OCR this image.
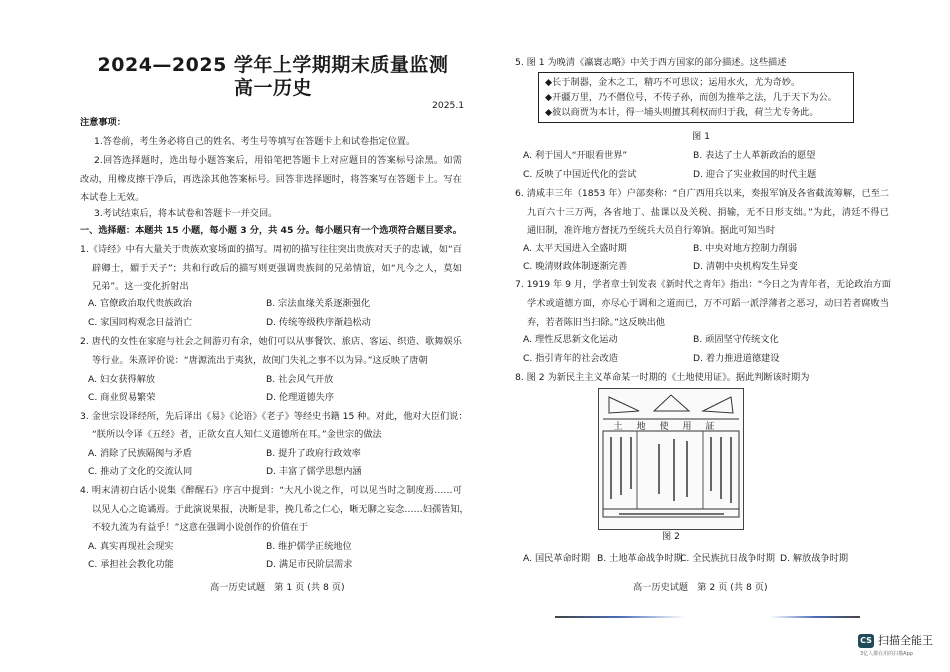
2024—2025 学年上学期期末质量监测
高一历史
2025.1
注意事项：
1.答卷前，考生务必将自己的姓名、考生号等填写在答题卡上和试卷指定位置。
2.回答选择题时，选出每小题答案后，用铅笔把答题卡上对应题目的答案标号涂黑。如需
改动，用橡皮擦干净后，再选涂其他答案标号。回答非选择题时，将答案写在答题卡上。写在
本试卷上无效。
3.考试结束后，将本试卷和答题卡一并交回。
一、选择题：本题共 15 小题，每小题 3 分，共 45 分。每小题只有一个选项符合题目要求。
1.《诗经》中有大量关于贵族欢宴场面的描写。周初的描写往往突出贵族对天子的忠诚，如“百
辟卿士，媚于天子”；共和行政后的描写则更强调贵族间的兄弟情谊，如“凡今之人，莫如
兄弟”。这一变化折射出
A. 官僚政治取代贵族政治	B. 宗法血缘关系逐渐强化
C. 家国同构观念日益消亡	D. 传统等级秩序渐趋松动
2. 唐代的女性在家庭与社会之间游刃有余，她们可以从事餐饮、旅店、客运、织造、歌舞娱乐
等行业。朱熹评价说：“唐源流出于夷狄，故闺门失礼之事不以为异。”这反映了唐朝
A. 妇女获得解放	B. 社会风气开放
C. 商业贸易繁荣	D. 伦理道德失序
3. 金世宗设译经所，先后译出《易》《论语》《老子》等经史书籍 15 种。对此，他对大臣们说：
“朕所以令译《五经》者，正欲女直人知仁义道德所在耳。”金世宗的做法
A. 消除了民族隔阂与矛盾	B. 提升了政府行政效率
C. 推动了文化的交流认同	D. 丰富了儒学思想内涵
4. 明末清初白话小说集《醉醒石》序言中提到：“大凡小说之作，可以见当时之制度焉……可
以见人心之诡谲焉。于此演说果报，决断是非，挽几希之仁心，晰无聊之妄念……妇孺皆知，
不较九流为有益乎！”这意在强调小说创作的价值在于
A. 真实再现社会现实	B. 维护儒学正统地位
C. 承担社会教化功能	D. 满足市民阶层需求
高一历史试题　第 1 页 (共 8 页)
5. 图 1 为晚清《瀛寰志略》中关于西方国家的部分描述。这些描述
A. 利于国人“开眼看世界”	B. 表达了士人革新政治的愿望
C. 反映了中国近代化的尝试	D. 迎合了实业救国的时代主题
6. 清咸丰三年（1853 年）户部奏称：“自广西用兵以来，奏报军饷及各省截流筹解，已至二
九百六十三万两，各省地丁、盐课以及关税、捐输，无不日形支绌。”为此，清廷不得已
通旧制，准许地方督抚乃至统兵大员自行筹饷。据此可知当时
A. 太平天国进入全盛时期	B. 中央对地方控制力削弱
C. 晚清财政体制逐渐完善	D. 清朝中央机构发生异变
7. 1919 年 9 月，学者章士钊发表《新时代之青年》指出：“今日之为青年者，无论政治方面
学术或道德方面，亦尽心于调和之道而已，万不可蹈一派浮薄者之恶习，动曰若者腐败当
弃，若者陈旧当扫除。”这反映出他
A. 理性反思新文化运动	B. 顽固坚守传统文化
C. 指引青年的社会改造	D. 着力推进道德建设
8. 图 2 为新民主主义革命某一时期的《土地使用证》。据此判断该时期为
◆长于制器，金木之工，精巧不可思议；运用水火，尤为奇妙。
◆开疆万里，乃不僭位号，不传子孙，而创为推举之法，几于天下为公。
◆彼以商贾为本计，得一埔头则擅其利权而归于我，荷兰尤专务此。
图 1
A. 国民革命时期 B. 土地革命战争时期
C. 全民族抗日战争时期 D. 解放战争时期
土地使用証
图 2
高一历史试题　第 2 页 (共 8 页)
CS 扫描全能王
3亿人都在用的扫描App
